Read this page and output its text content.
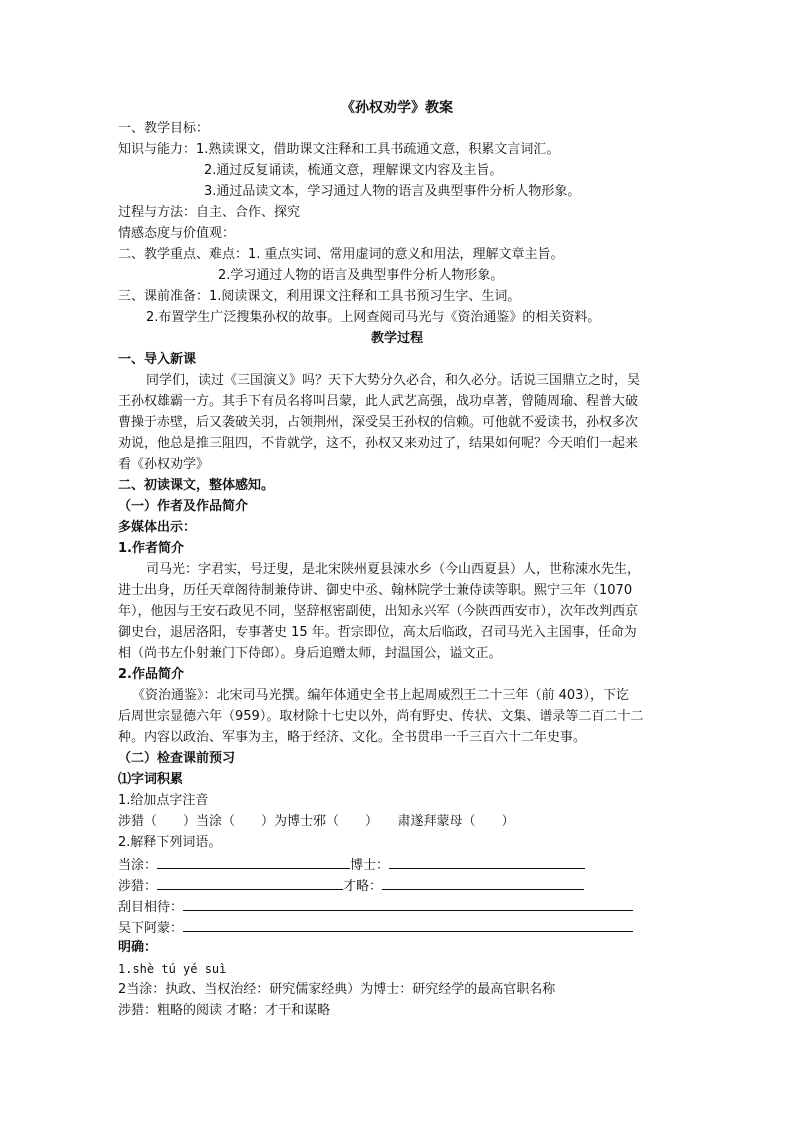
《孙权劝学》教案
一、教学目标：
知识与能力：1.熟读课文，借助课文注释和工具书疏通文意，积累文言词汇。
2.通过反复诵读，梳通文意，理解课文内容及主旨。
3.通过品读文本，学习通过人物的语言及典型事件分析人物形象。
过程与方法：自主、合作、探究
情感态度与价值观：
二、教学重点、难点：1. 重点实词、常用虚词的意义和用法，理解文章主旨。
2.学习通过人物的语言及典型事件分析人物形象。
三、课前准备：1.阅读课文，利用课文注释和工具书预习生字、生词。
2.布置学生广泛搜集孙权的故事。上网查阅司马光与《资治通鉴》的相关资料。
教学过程
一、导入新课
同学们，读过《三国演义》吗？天下大势分久必合，和久必分。话说三国鼎立之时，吴
王孙权雄霸一方。其手下有员名将叫吕蒙，此人武艺高强，战功卓著，曾随周瑜、程普大破
曹操于赤壁，后又袭破关羽，占领荆州，深受吴王孙权的信赖。可他就不爱读书，孙权多次
劝说，他总是推三阻四，不肯就学，这不，孙权又来劝过了，结果如何呢？今天咱们一起来
看《孙权劝学》
二、初读课文，整体感知。
（一）作者及作品简介
多媒体出示：
1.作者简介
司马光：字君实，号迂叟，是北宋陕州夏县涑水乡（今山西夏县）人，世称涑水先生，
进士出身，历任天章阁待制兼侍讲、御史中丞、翰林院学士兼侍读等职。熙宁三年（1070
年），他因与王安石政见不同，坚辞枢密副使，出知永兴军（今陕西西安市），次年改判西京
御史台，退居洛阳，专事著史 15 年。哲宗即位，高太后临政，召司马光入主国事，任命为
相（尚书左仆射兼门下侍郎）。身后追赠太师，封温国公，谥文正。
2.作品简介
《资治通鉴》：北宋司马光撰。编年体通史全书上起周威烈王二十三年（前 403），下讫
后周世宗显德六年（959）。取材除十七史以外，尚有野史、传状、文集、谱录等二百二十二
种。内容以政治、军事为主，略于经济、文化。全书贯串一千三百六十二年史事。
（二）检查课前预习
⑴字词积累
1.给加点字注音
涉猎（　　）当涂（　　）为博士邪（　　）　　肃遂拜蒙母（　　）
2.解释下列词语。
当涂：	博士：
涉猎：	才略：
刮目相待：
吴下阿蒙：
明确：
1.shè tú yé suì
2当涂：执政、当权治经：研究儒家经典）为博士：研究经学的最高官职名称
涉猎：粗略的阅读 才略：才干和谋略
